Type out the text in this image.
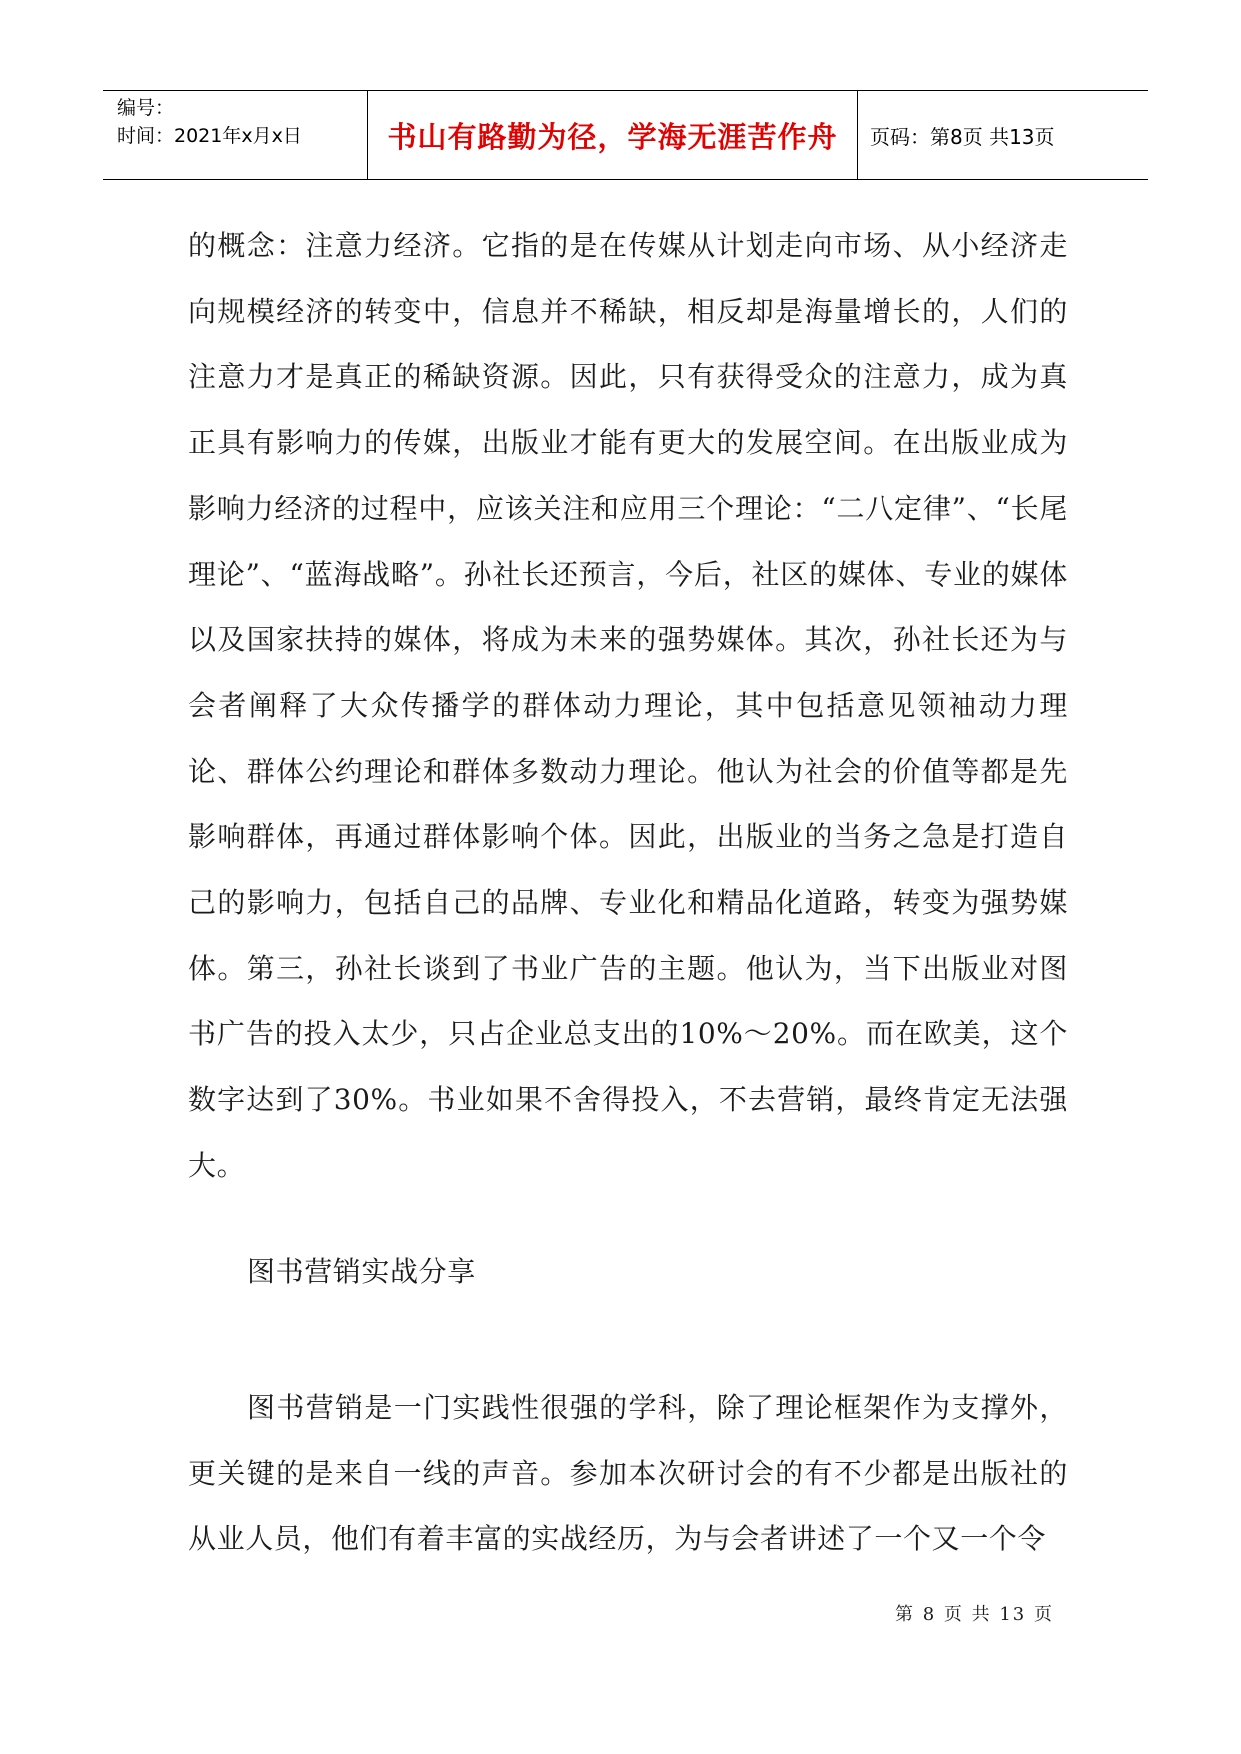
编号：
时间：2021年x月x日	书山有路勤为径，学海无涯苦作舟 页码：第8页 共13页

的概念：注意力经济。它指的是在传媒从计划走向市场、从小经济走向规模经济的转变中，信息并不稀缺，相反却是海量增长的，人们的注意力才是真正的稀缺资源。因此，只有获得受众的注意力，成为真正具有影响力的传媒，出版业才能有更大的发展空间。在出版业成为影响力经济的过程中，应该关注和应用三个理论：“二八定律”、“长尾理论”、“蓝海战略”。孙社长还预言，今后，社区的媒体、专业的媒体以及国家扶持的媒体，将成为未来的强势媒体。其次，孙社长还为与会者阐释了大众传播学的群体动力理论，其中包括意见领袖动力理论、群体公约理论和群体多数动力理论。他认为社会的价值等都是先影响群体，再通过群体影响个体。因此，出版业的当务之急是打造自己的影响力，包括自己的品牌、专业化和精品化道路，转变为强势媒体。第三，孙社长谈到了书业广告的主题。他认为，当下出版业对图书广告的投入太少，只占企业总支出的10%～20%。而在欧美，这个数字达到了30%。书业如果不舍得投入，不去营销，最终肯定无法强大。

图书营销实战分享

图书营销是一门实践性很强的学科，除了理论框架作为支撑外，更关键的是来自一线的声音。参加本次研讨会的有不少都是出版社的从业人员，他们有着丰富的实战经历，为与会者讲述了一个又一个令

第 8 页 共 13 页
